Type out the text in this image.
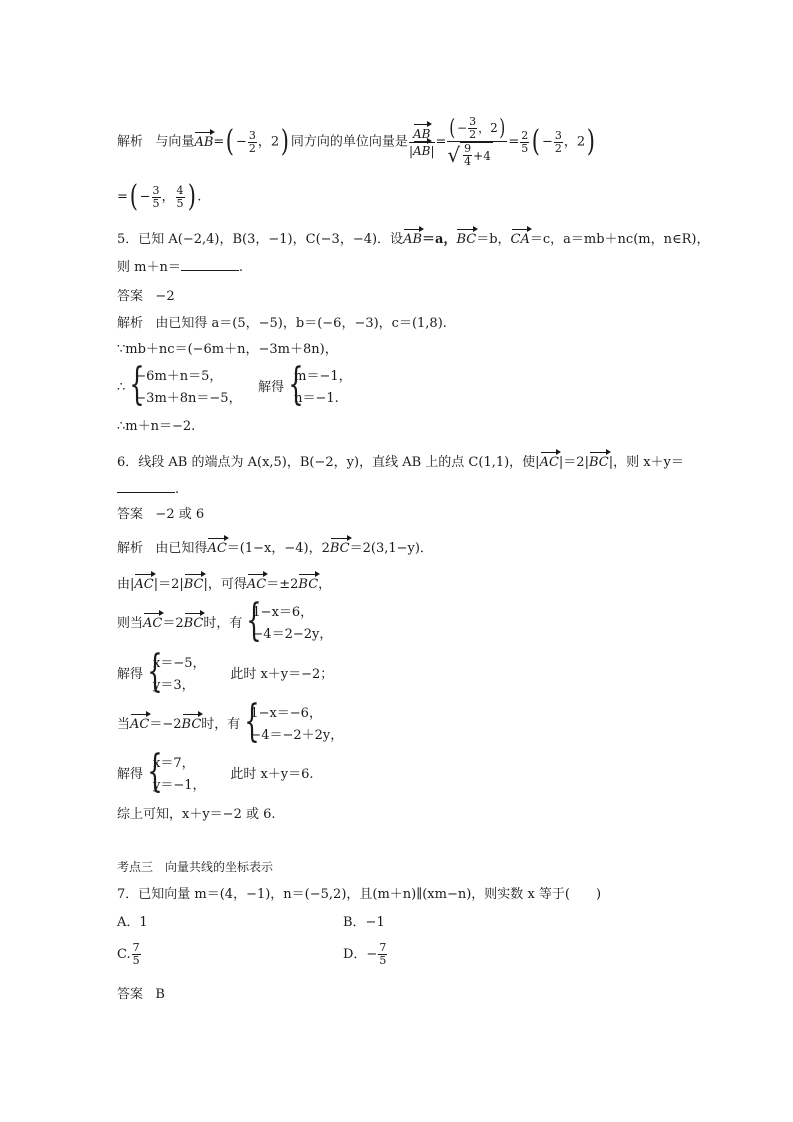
解析 与向量$AB=( - \frac{3}{2}$ ，2) 同方向的单位向量是 $\frac{AB}{|AB|} = \frac{(- \frac{3}{2} ,2)}{√ \frac{9}{4} +4} = \frac{2}{5}$ ( − $\frac{3}{2}$ ，2)
=( − $\frac{3}{5}$ ， $\frac{4}{5}$ ) .
5．已知 A(−2,4)，B(3，−1)，C(−3，−4)．设AB＝a，BC＝b，CA＝c，a＝mb＋nc(m，n∈R)，
则 m＋n＝	.
答案 −2
解析 由已知得 a＝(5，−5)，b＝(−6，−3)，c＝(1,8).
∵mb＋nc＝(−6m＋n，−3m＋8n)，
∴
{ −6m＋n＝5，
−3m＋8n＝−5，
解得
{ m＝−1，
n＝−1.
∴m＋n＝−2.
6．线段 AB 的端点为 A(x,5)，B(−2，y)，直线 AB 上的点 C(1,1)，使|AC|＝2|BC|，则 x＋y＝
.
答案 −2 或 6
解析 由已知得AC＝(1−x，−4)，2BC＝2(3,1−y)．
由|AC|＝2|BC|，可得AC＝±2BC，
则当AC＝2BC时，有
{ 1−x＝6，
−4＝2−2y，
解得
{ x＝−5，
y＝3，
此时 x＋y＝−2；
当AC＝−2BC时，有
{ 1−x＝−6，
−4＝−2＋2y，
解得
{ x＝7，
y＝−1，
此时 x＋y＝6.
综上可知，x＋y＝−2 或 6.
考点三　向量共线的坐标表示
7．已知向量 m＝(4，−1)，n＝(−5,2)，且(m＋n)∥(xm−n)，则实数 x 等于(　　)
A．1	B．−1
C. $\frac{7}{5}$	D．− $\frac{7}{5}$
答案 B
